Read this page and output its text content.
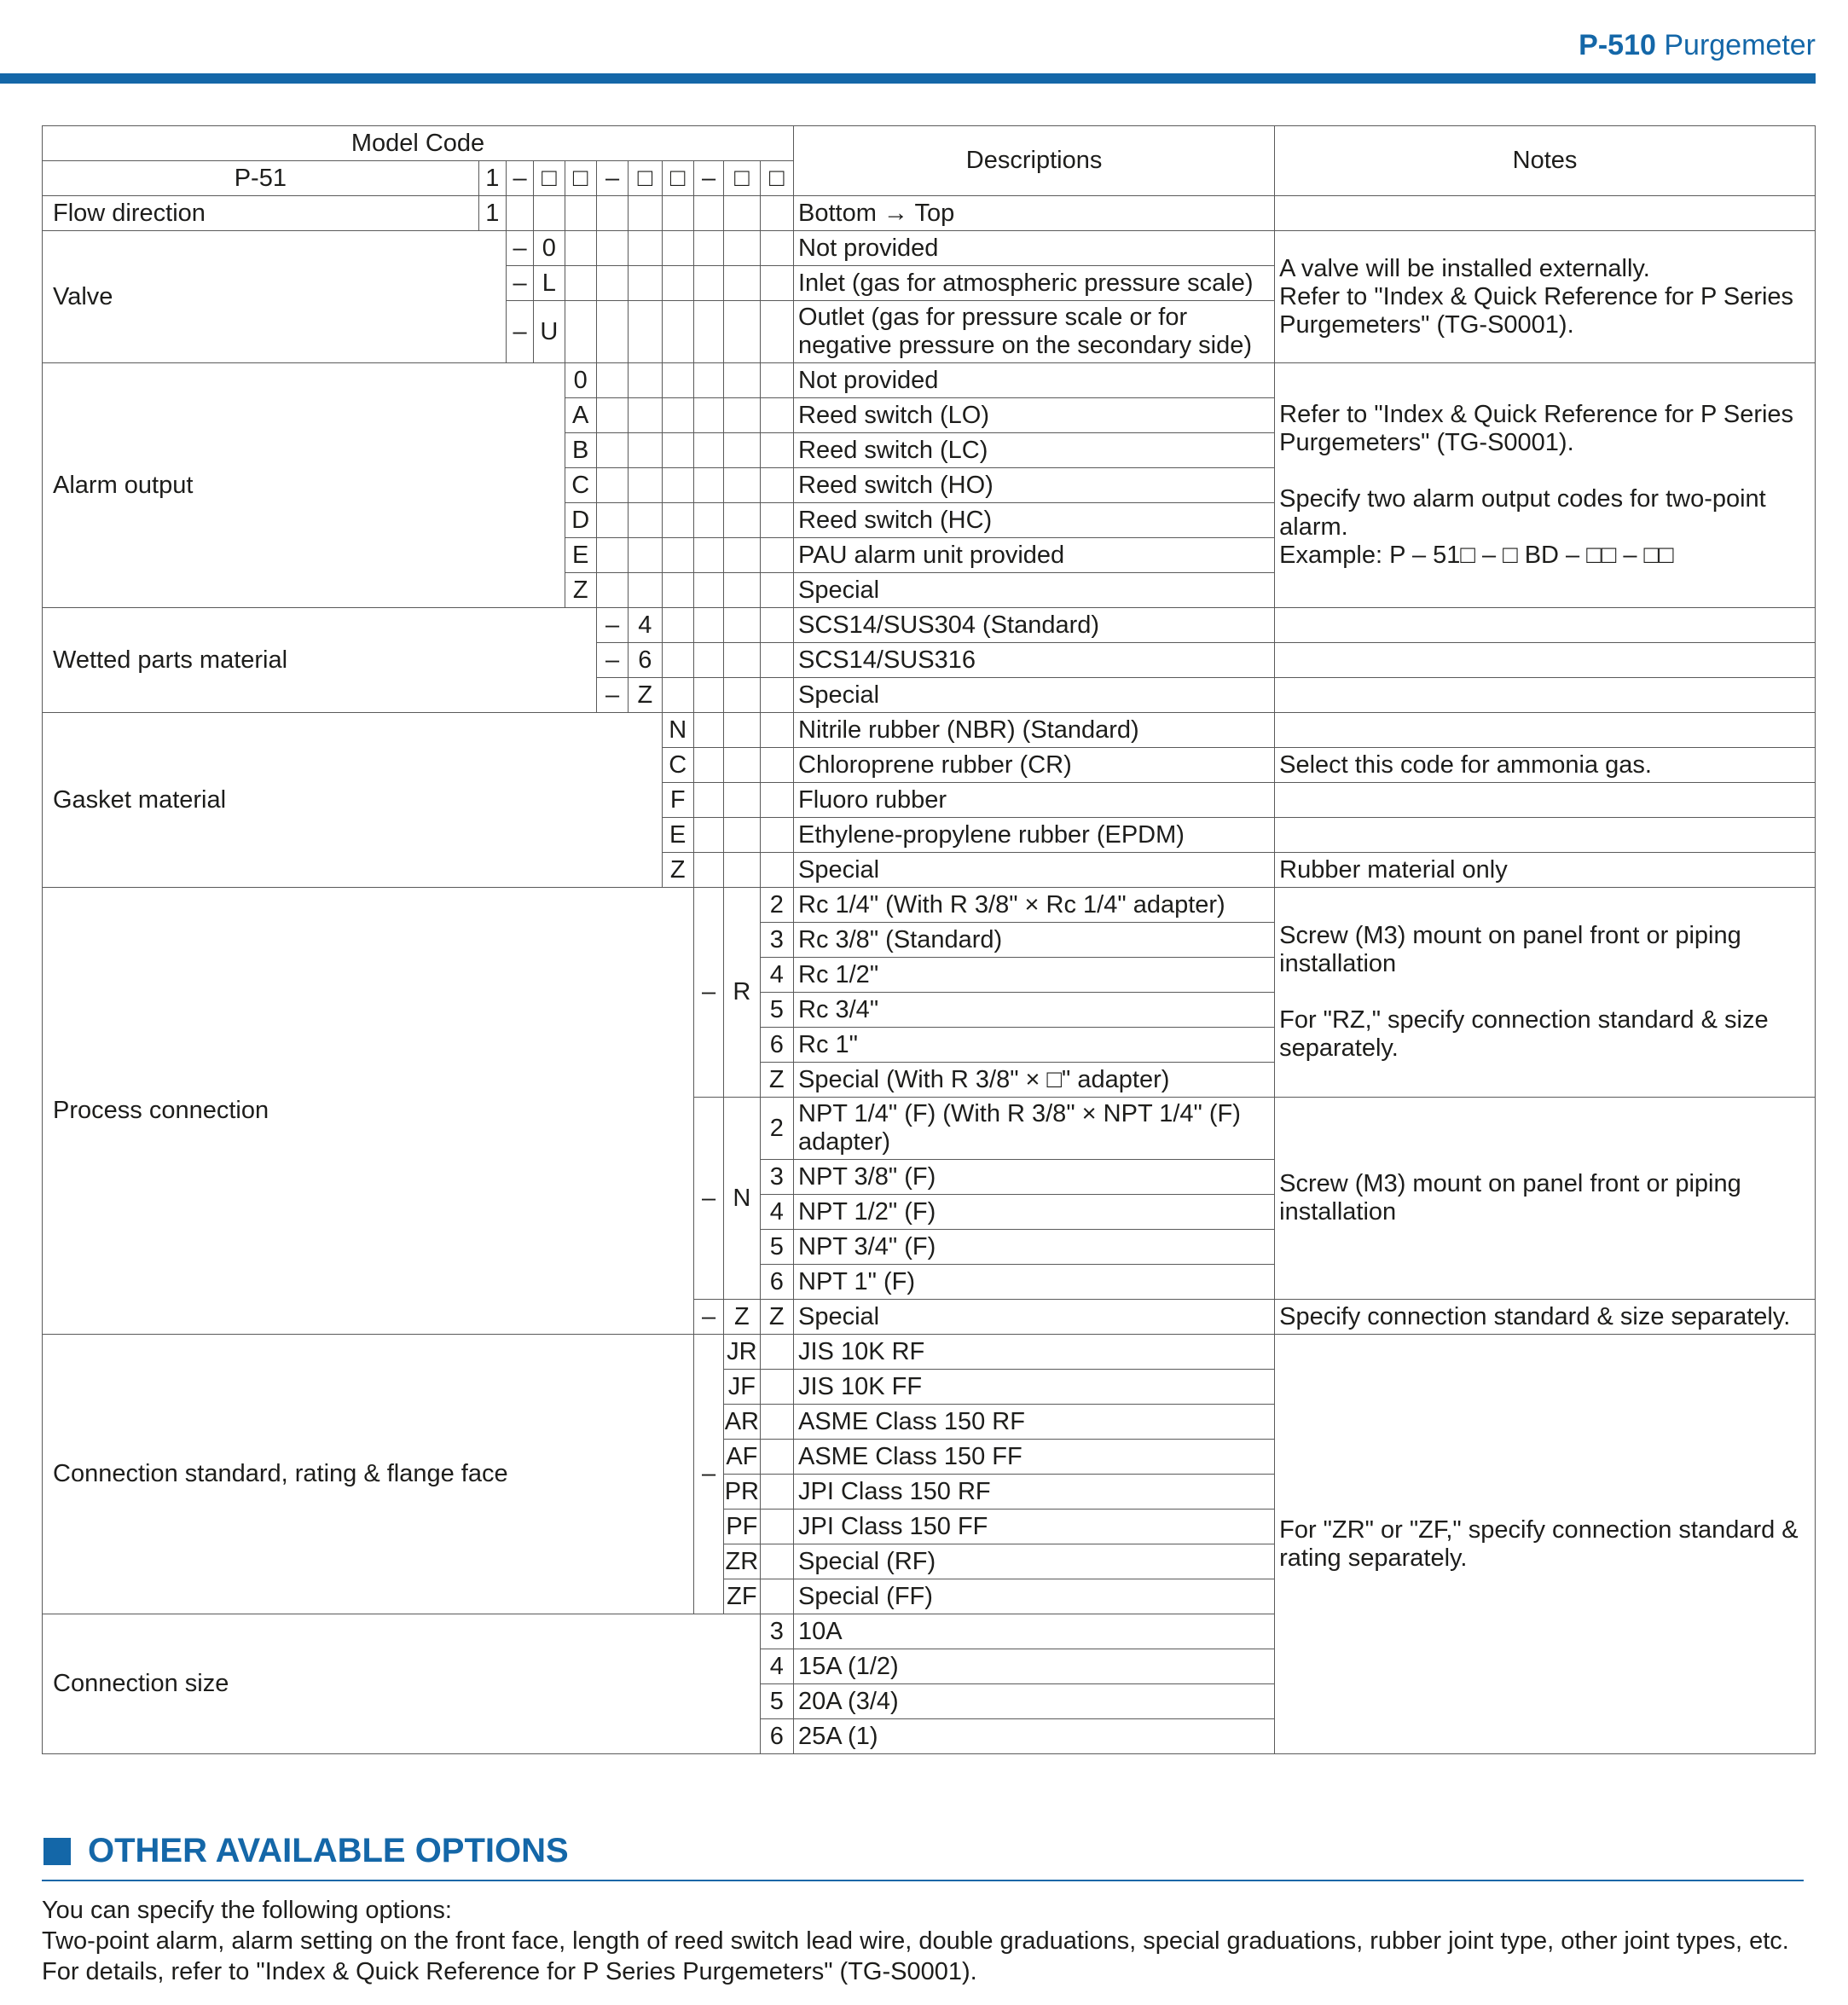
P-510 Purgemeter
Model Code											Descriptions	Notes
P-51	1	–	□	□	–	□	□	–	□	□		
Flow direction	1										Bottom → Top	
Valve		–	0								Not provided	A valve will be installed externally.
Refer to "Index & Quick Reference for P Series Purgemeters" (TG-S0001).
		–	L								Inlet (gas for atmospheric pressure scale)	
		–	U								Outlet (gas for pressure scale or for negative pressure on the secondary side)	
Alarm output				0							Not provided	Refer to "Index & Quick Reference for P Series Purgemeters" (TG-S0001).

Specify two alarm output codes for two-point alarm.
Example: P – 51□ – □ BD – □□ – □□
				A							Reed switch (LO)	
				B							Reed switch (LC)	
				C							Reed switch (HO)	
				D							Reed switch (HC)	
				E							PAU alarm unit provided	
				Z							Special	
Wetted parts material					–	4					SCS14/SUS304 (Standard)	
					–	6					SCS14/SUS316	
					–	Z					Special	
Gasket material							N				Nitrile rubber (NBR) (Standard)	
							C				Chloroprene rubber (CR)	Select this code for ammonia gas.
							F				Fluoro rubber	
							E				Ethylene-propylene rubber (EPDM)	
							Z				Special	Rubber material only
Process connection								–	R	2	Rc 1/4" (With R 3/8" × Rc 1/4" adapter)	Screw (M3) mount on panel front or piping installation

For "RZ," specify connection standard & size separately.
										3	Rc 3/8" (Standard)	
										4	Rc 1/2"	
										5	Rc 3/4"	
										6	Rc 1"	
										Z	Special (With R 3/8" × □" adapter)	
								–	N	2	NPT 1/4" (F) (With R 3/8" × NPT 1/4" (F) adapter)	Screw (M3) mount on panel front or piping installation
										3	NPT 3/8" (F)	
										4	NPT 1/2" (F)	
										5	NPT 3/4" (F)	
										6	NPT 1" (F)	
								–	Z	Z	Special	Specify connection standard & size separately.
Connection standard, rating & flange face								–	JR		JIS 10K RF	For "ZR" or "ZF," specify connection standard & rating separately.
									JF		JIS 10K FF	
									AR		ASME Class 150 RF	
									AF		ASME Class 150 FF	
									PR		JPI Class 150 RF	
									PF		JPI Class 150 FF	
									ZR		Special (RF)	
									ZF		Special (FF)	
Connection size										3	10A	
										4	15A (1/2)	
										5	20A (3/4)	
										6	25A (1)	
OTHER AVAILABLE OPTIONS

You can specify the following options:

Two-point alarm, alarm setting on the front face, length of reed switch lead wire, double graduations, special graduations, rubber joint type, other joint types, etc. For details, refer to "Index & Quick Reference for P Series Purgemeters" (TG-S0001).
